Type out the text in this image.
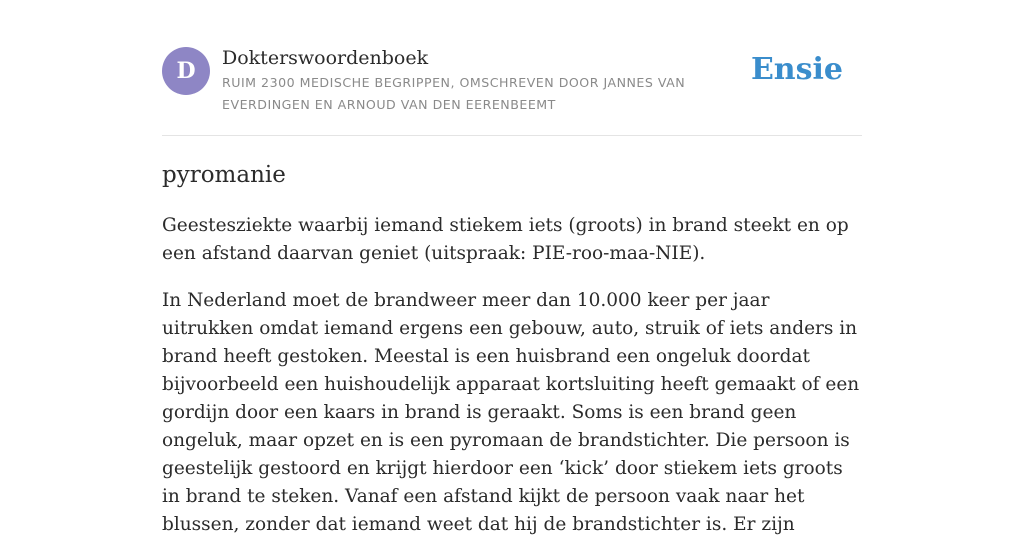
D	Dokterswoordenboek
RUIM 2300 MEDISCHE BEGRIPPEN, OMSCHREVEN DOOR JANNES VAN EVERDINGEN EN ARNOUD VAN DEN EERENBEEMT
Ensie
pyromanie

Geestesziekte waarbij iemand stiekem iets (groots) in brand steekt en op een afstand daarvan geniet (uitspraak: PIE-roo-maa-NIE).

In Nederland moet de brandweer meer dan 10.000 keer per jaar uitrukken omdat iemand ergens een gebouw, auto, struik of iets anders in brand heeft gestoken. Meestal is een huisbrand een ongeluk doordat bijvoorbeeld een huishoudelijk apparaat kortsluiting heeft gemaakt of een gordijn door een kaars in brand is geraakt. Soms is een brand geen ongeluk, maar opzet en is een pyromaan de brandstichter. Die persoon is geestelijk gestoord en krijgt hierdoor een ‘kick’ door stiekem iets groots in brand te steken. Vanaf een afstand kijkt de persoon vaak naar het blussen, zonder dat iemand weet dat hij de brandstichter is. Er zijn
